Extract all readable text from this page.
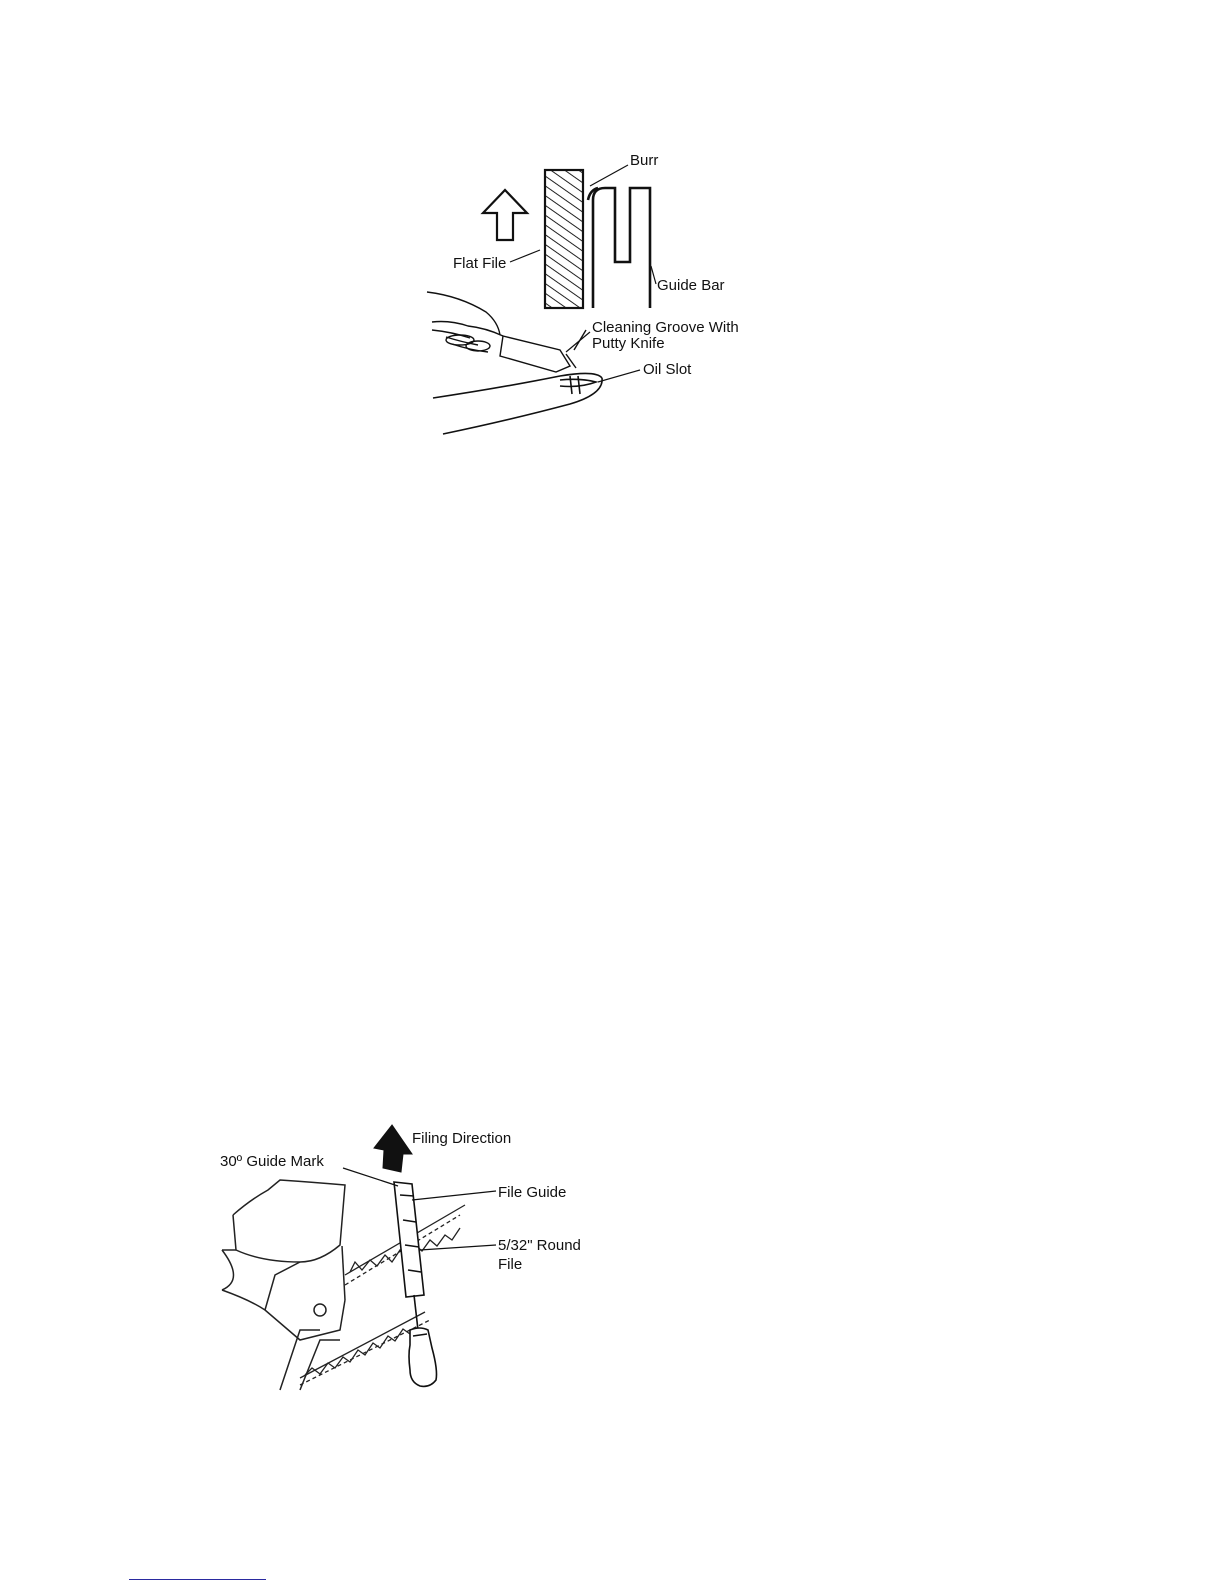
Burr
Flat File
Guide Bar
Cleaning Groove With
Putty Knife
Oil Slot
Filing Direction
30º Guide Mark
File Guide
5/32" Round
File
